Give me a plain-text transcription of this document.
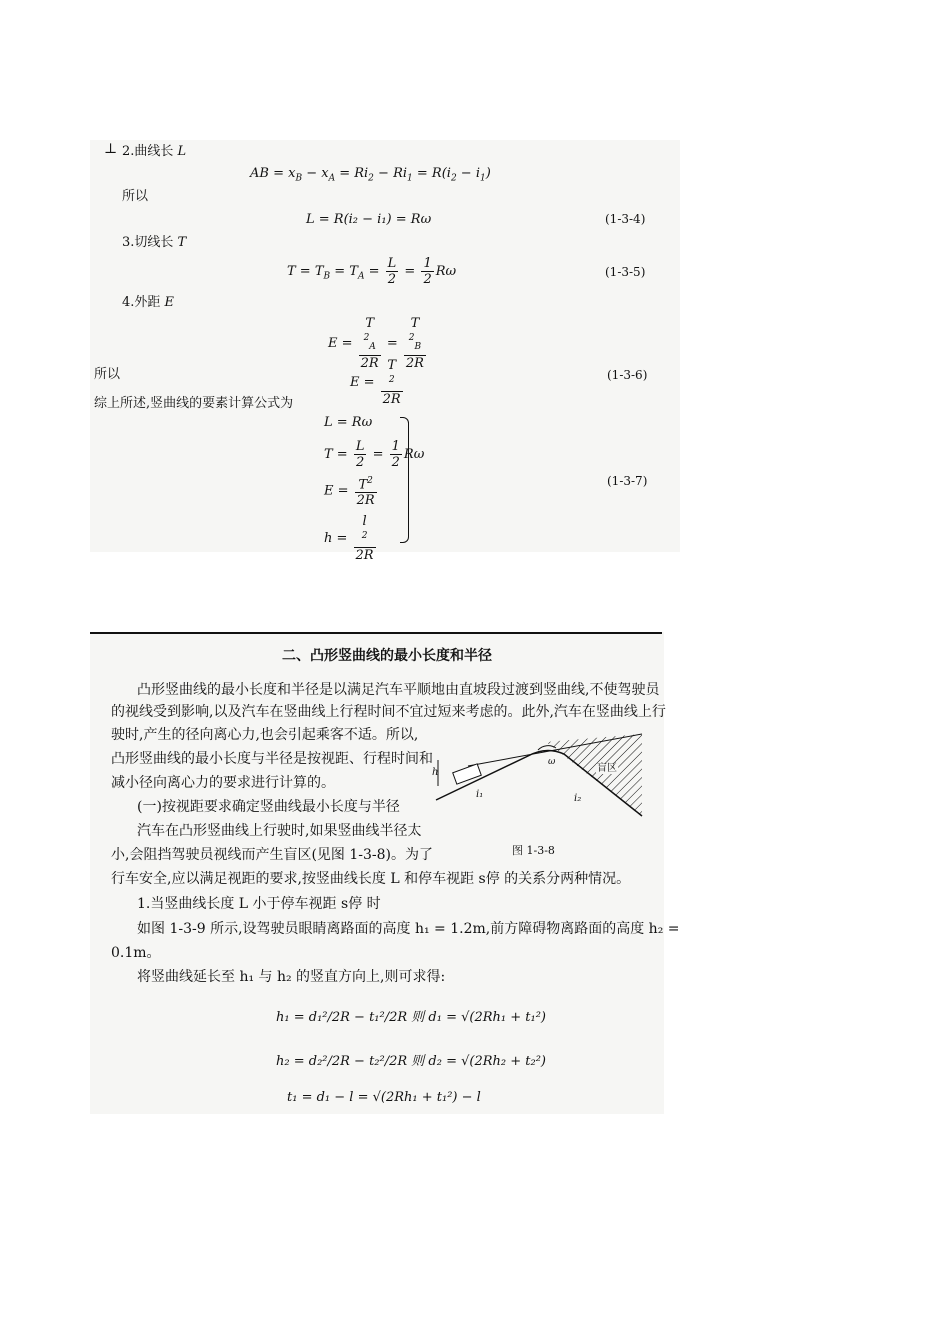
⊥ 2.曲线长 L
AB = $x_B - x_A = Ri_2 - Ri_1 = R(i_2 - i_1)$
所以
L = R(i₂ − i₁) = Rω	(1-3-4)
3.切线长 T
$T = T_B = T_A = \frac{L}{2} = \frac{1}{2}$ Rω	(1-3-5)
4.外距 E
E = T
$^2_A$
2R = T
$^2_B$
2R
所以
E = T
$^2$
2R	(1-3-6)
综上所述,竖曲线的要素计算公式为
L = Rω
$T = \frac{L}{2} = \frac{1}{2}$ Rω
$E = \frac{T^2}{2R}$
h = l
$^2$
2R
(1-3-7)
二、凸形竖曲线的最小长度和半径
凸形竖曲线的最小长度和半径是以满足汽车平顺地由直坡段过渡到竖曲线,不使驾驶员
的视线受到影响,以及汽车在竖曲线上行程时间不宜过短来考虑的。此外,汽车在竖曲线上行
驶时,产生的径向离心力,也会引起乘客不适。所以,
凸形竖曲线的最小长度与半径是按视距、行程时间和
减小径向离心力的要求进行计算的。
(一)按视距要求确定竖曲线最小长度与半径
汽车在凸形竖曲线上行驶时,如果竖曲线半径太
小,会阻挡驾驶员视线而产生盲区(见图 1-3-8)。为了
行车安全,应以满足视距的要求,按竖曲线长度 L 和停车视距 s停 的关系分两种情况。
1.当竖曲线长度 L 小于停车视距 s停 时
如图 1-3-9 所示,设驾驶员眼睛离路面的高度 h₁ = 1.2m,前方障碍物离路面的高度 h₂ =
0.1m。
将竖曲线延长至 h₁ 与 h₂ 的竖直方向上,则可求得:
h₁ = d₁²/2R − t₁²/2R 则 d₁ = √(2Rh₁ + t₁²)
h₂ = d₂²/2R − t₂²/2R 则 d₂ = √(2Rh₂ + t₂²)
t₁ = d₁ − l = √(2Rh₁ + t₁²) − l
h
i₁	i₂
ω
盲区
图 1-3-8
